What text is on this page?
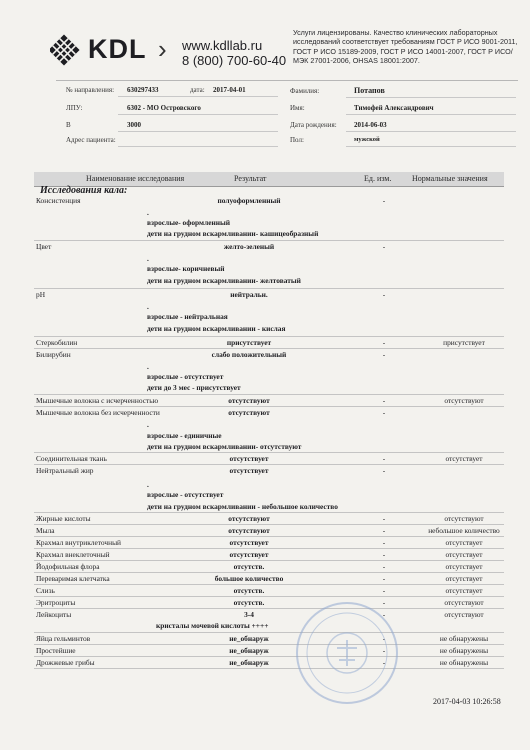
KDL › www.kdllab.ru
8 (800) 700-60-40
Услуги лицензированы. Качество клинических лабораторных исследований соответствует требованиям ГОСТ Р ИСО 9001-2011, ГОСТ Р ИСО 15189-2009, ГОСТ Р ИСО 14001-2007, ГОСТ Р ИСО/МЭК 27001-2006, OHSAS 18001:2007.
№ направления: 630297433	дата: 2017-04-01
ЛПУ:	6302 - МО Островского
В	3000
Адрес пациента:
Фамилия:	Потапов
Имя:	Тимофей Александрович
Дата рождения: 2014-06-03
Пол:	мужской
Наименование исследования	Результат	Ед. изм.	Нормальные значения
Исследования кала:
Консистенция	полуоформленный	-
.
взрослые- оформленный
дети на грудном вскармливании- кашицеобразный
Цвет	желто-зеленый	-
.
взрослые- коричневый
дети на грудном вскармливании- желтоватый
pH	нейтральн.	-
.
взрослые - нейтральная
дети на грудном вскармливании - кислая
Стеркобилин	присутствует	-	присутствует
Билирубин	слабо положительный	-
.
взрослые - отсутствует
дети до 3 мес - присутствует
Мышечные волокна с исчерченностью	отсутствуют	-	отсутствуют
Мышечные волокна без исчерченности	отсутствуют	-
.
взрослые - единичные
дети на грудном вскармливании- отсутствуют
Соединительная ткань	отсутствует	-	отсутствует
Нейтральный жир	отсутствует	-
.
взрослые - отсутствует
дети на грудном вскармливании - небольшое количество
Жирные кислоты	отсутствуют	-	отсутствуют
Мыла	отсутствуют	-	небольшое количество
Крахмал внутриклеточный	отсутствует	-	отсутствует
Крахмал внеклеточный	отсутствует	-	отсутствует
Йодофильная флора	отсутств.	-	отсутствует
Переваримая клетчатка	большое количество	-	отсутствует
Слизь	отсутств.	-	отсутствует
Эритроциты	отсутств.	-	отсутствуют
Лейкоциты	3-4	-	отсутствуют
кристалы мочевой кислоты ++++
Яйца гельминтов	не_обнаруж	-	не обнаружены
Простейшие	не_обнаруж	-	не обнаружены
Дрожжевые грибы	не_обнаруж	-	не обнаружены
2017-04-03 10:26:58
